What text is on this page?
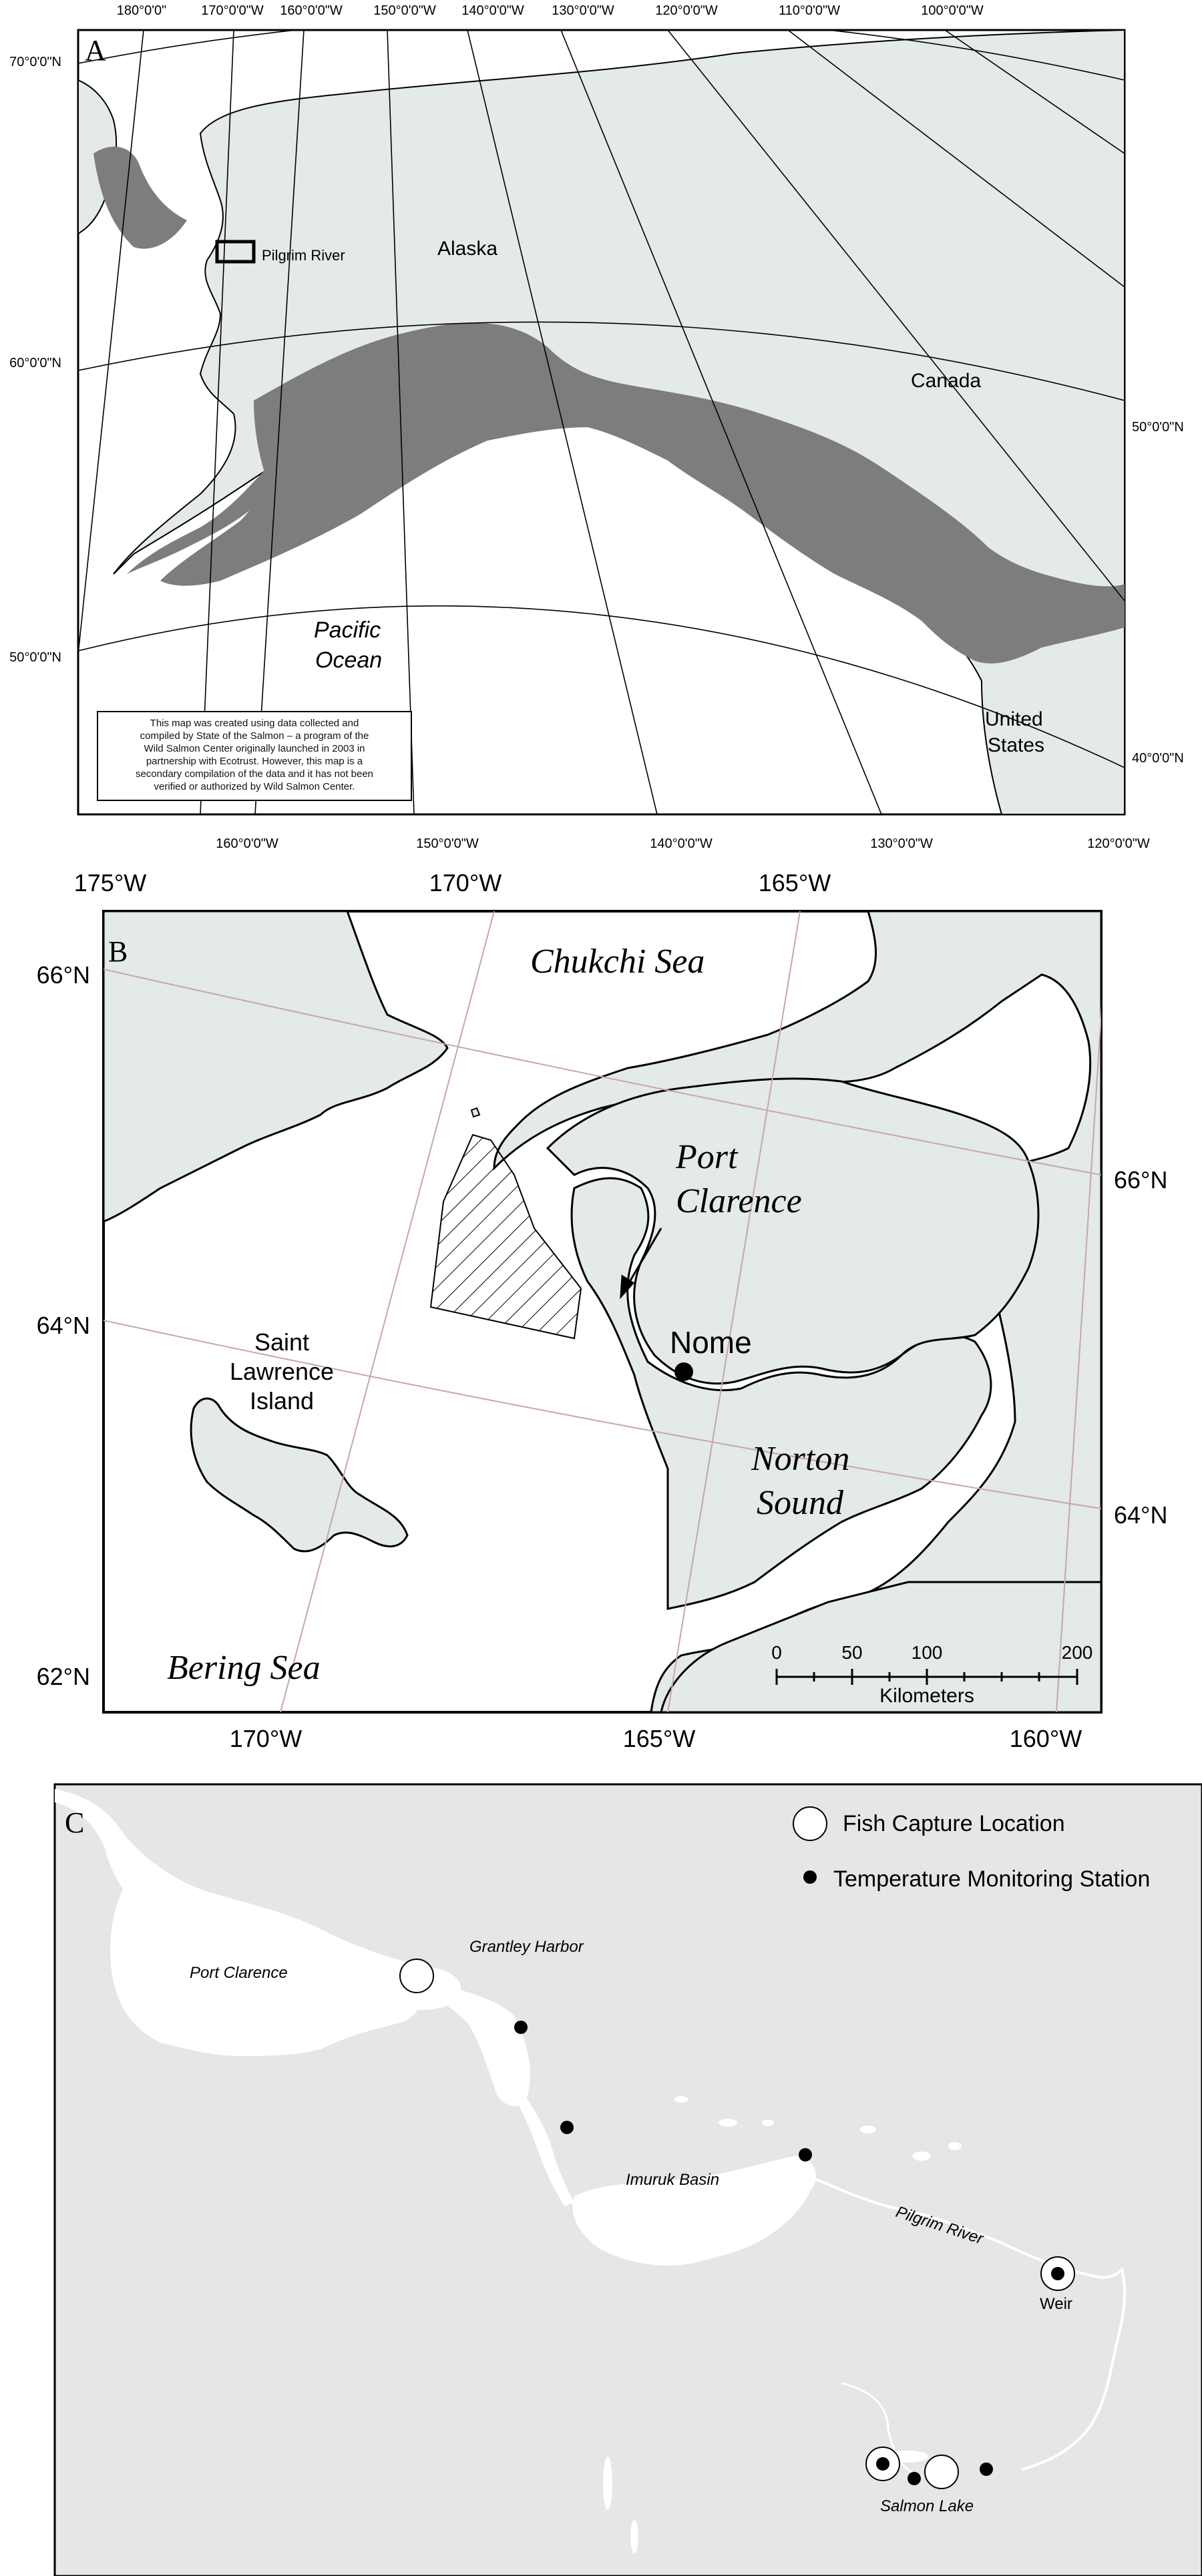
A
Pilgrim River	Alaska
Canada
Pacific
Ocean
United
States
This map was created using data collected and
compiled by State of the Salmon – a program of the
Wild Salmon Center originally launched in 2003 in
partnership with Ecotrust. However, this map is a
secondary compilation of the data and it has not been
verified or authorized by Wild Salmon Center.
180°0'0"	170°0'0"W 160°0'0"W 150°0'0"W 140°0'0"W 130°0'0"W	120°0'0"W	110°0'0"W	100°0'0"W
160°0'0"W	150°0'0"W	140°0'0"W	130°0'0"W	120°0'0"W
70°0'0"N
60°0'0"N
50°0'0"N
50°0'0"N
40°0'0"N
B	Chukchi Sea
Port
Clarence
Nome
Saint
Lawrence
Island
Norton
Sound
Bering Sea	0	50	100	200
Kilometers
175°W	170°W	165°W
170°W	165°W	160°W
66°N
64°N
62°N
66°N
64°N
C	Fish Capture Location
Temperature Monitoring Station
Port Clarence
Grantley Harbor
Imuruk Basin
Pilgrim River
Weir
Salmon Lake
